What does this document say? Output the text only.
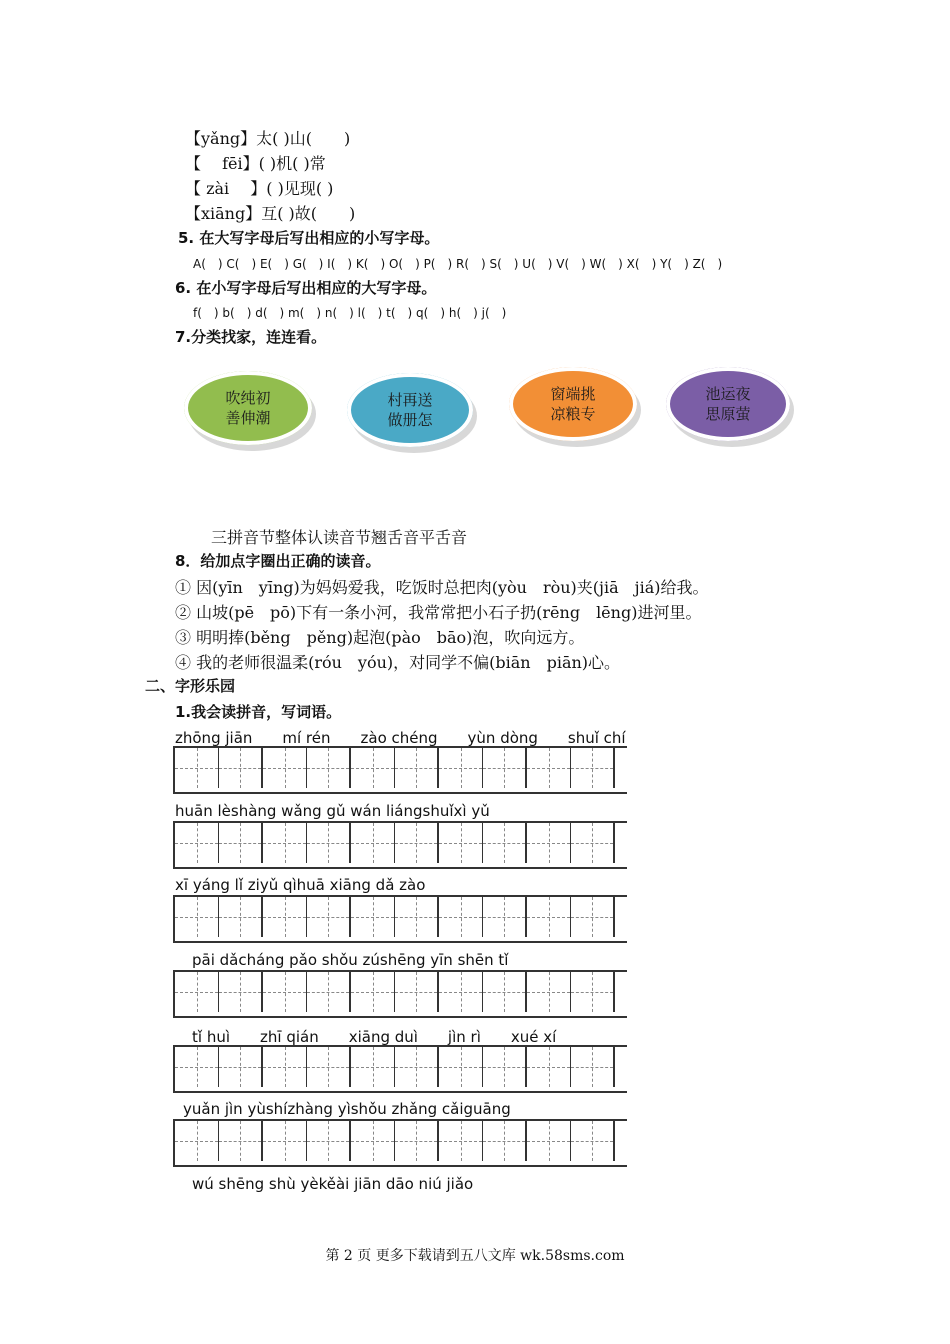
【yǎng】太( )山(　　)
【　 fēi】( )机( )常
【 zài　 】( )见现( )
【xiāng】互( )故(　　)
5. 在大写字母后写出相应的小写字母。
A(　) C(　) E(　) G(　) I(　) K(　) O(　) P(　) R(　) S(　) U(　) V(　) W(　) X(　) Y(　) Z(　)
6. 在小写字母后写出相应的大写字母。
f(　) b(　) d(　) m(　) n(　) l(　) t(　) q(　) h(　) j(　)
7.分类找家，连连看。
吹纯初
善伸潮
村再送
做册怎
窗端挑
凉粮专
池运夜
思原萤
三拼音节整体认读音节翘舌音平舌音
8．给加点字圈出正确的读音。
① 因(yīn　yīng)为妈妈爱我，吃饭时总把肉(yòu　ròu)夹(jiā　jiá)给我。
② 山坡(pē　pō)下有一条小河，我常常把小石子扔(rēng　lēng)进河里。
③ 明明捧(běng　pěng)起泡(pào　bāo)泡，吹向远方。
④ 我的老师很温柔(róu　yóu)，对同学不偏(biān　piān)心。
二、字形乐园
1.我会读拼音，写词语。
zhōng jiān　　mí rén　　zào chéng　　yùn dòng　　shuǐ chí
huān lèshàng wǎng gǔ wán liángshuǐxì yǔ
xī yáng lǐ ziyǔ qìhuā xiāng dǎ zào
pāi dǎcháng pǎo shǒu zúshēng yīn shēn tǐ
tǐ huì　　zhī qián　　xiāng duì　　jìn rì　　xué xí
yuǎn jìn yùshízhàng yìshǒu zhǎng cǎiguāng
wú shēng shù yèkěài jiān dāo niú jiǎo
第 2 页 更多下载请到五八文库 wk.58sms.com
